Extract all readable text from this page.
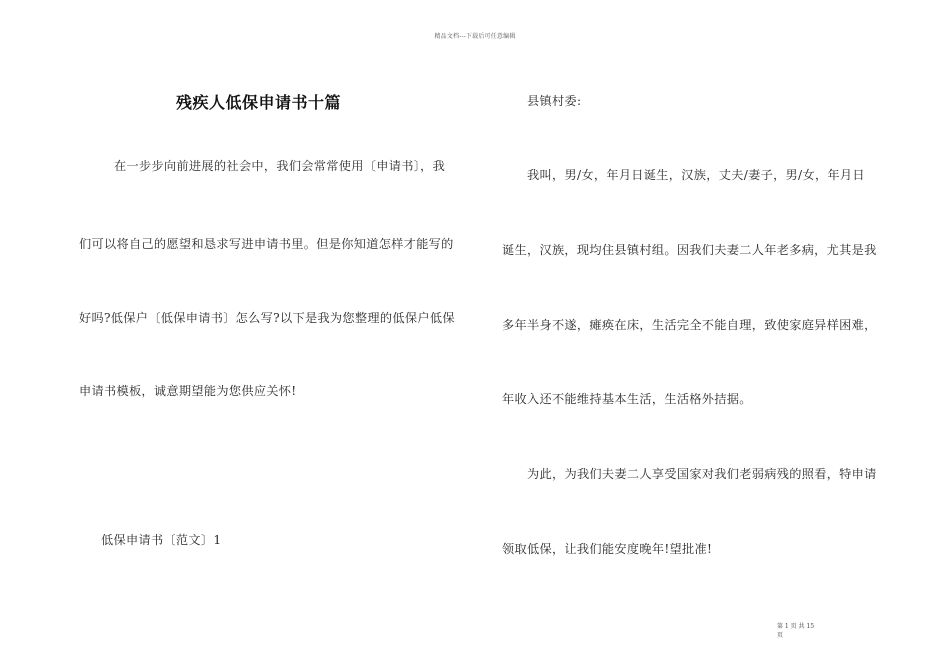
精品文档---下载后可任意编辑
残疾人低保申请书十篇
在一步步向前进展的社会中，我们会常常使用〔申请书〕，我
们可以将自己的愿望和恳求写进申请书里。但是你知道怎样才能写的
好吗?低保户〔低保申请书〕怎么写?以下是我为您整理的低保户低保
申请书模板，诚意期望能为您供应关怀!
低保申请书〔范文〕1
县镇村委:
我叫，男/女，年月日诞生，汉族，丈夫/妻子，男/女，年月日
诞生，汉族，现均住县镇村组。因我们夫妻二人年老多病，尤其是我
多年半身不遂，瘫痪在床，生活完全不能自理，致使家庭异样困难，
年收入还不能维持基本生活，生活格外拮据。
为此，为我们夫妻二人享受国家对我们老弱病残的照看，特申请
领取低保，让我们能安度晚年!望批准!
第 1 页 共 15
页
